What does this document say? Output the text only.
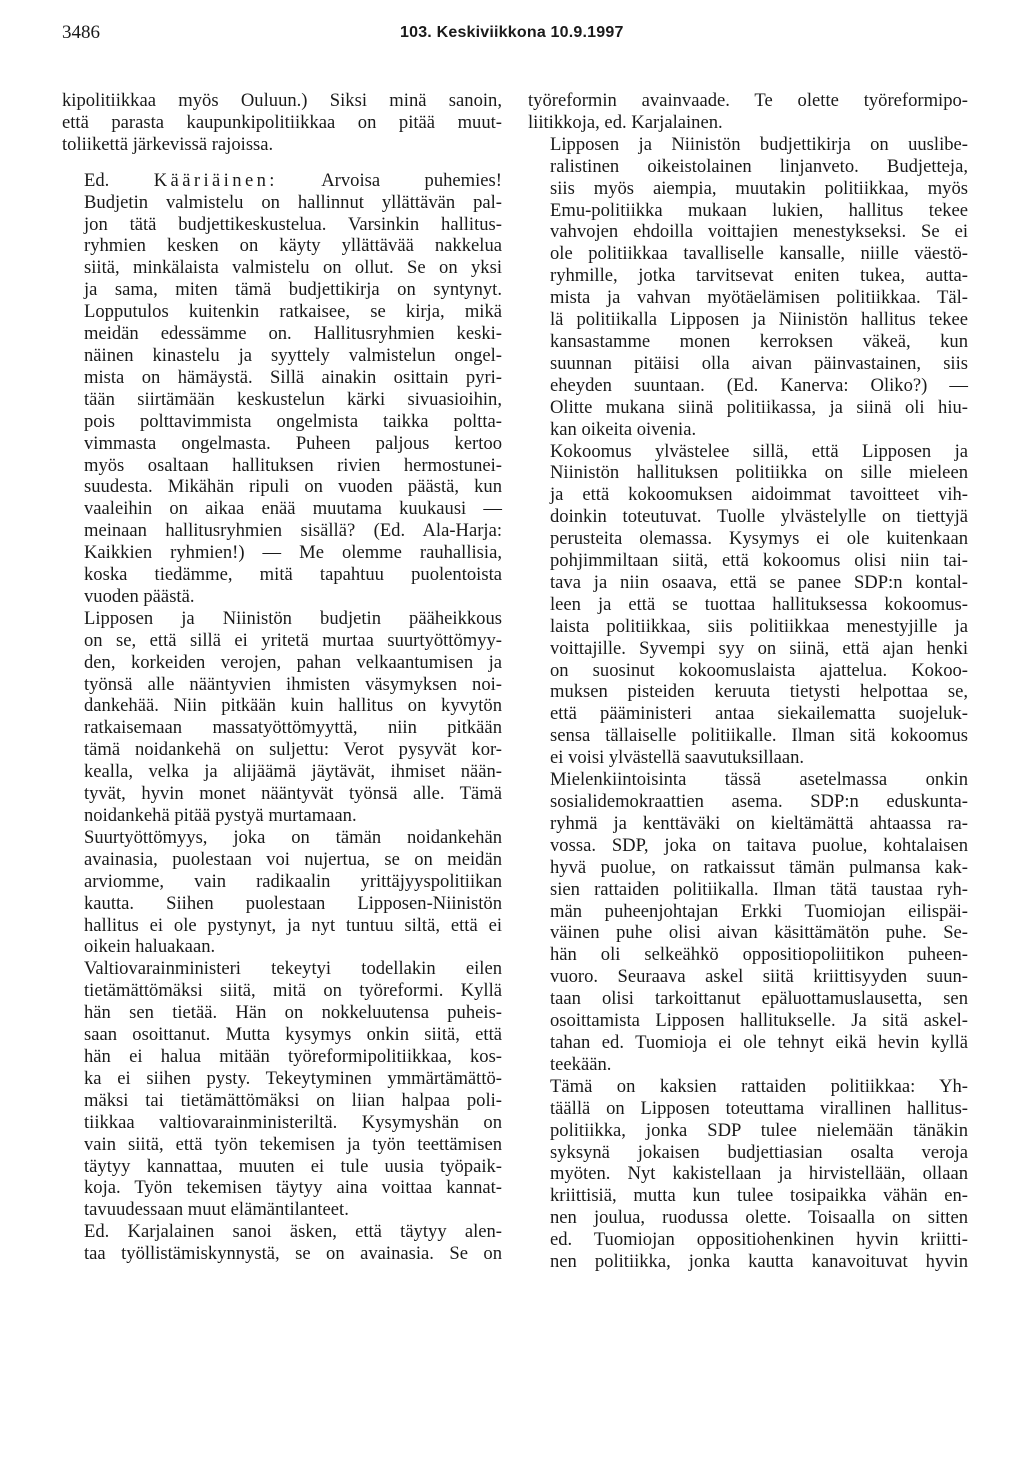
3486	103. Keskiviikkona 10.9.1997

kipolitiikkaa myös Ouluun.) Siksi minä sanoin,
että parasta kaupunkipolitiikkaa on pitää muut-
toliikettä järkevissä rajoissa.

Ed. Kääriäinen: Arvoisa puhemies!
Budjetin valmistelu on hallinnut yllättävän pal-
jon tätä budjettikeskustelua. Varsinkin hallitus-
ryhmien kesken on käyty yllättävää nakkelua
siitä, minkälaista valmistelu on ollut. Se on yksi
ja sama, miten tämä budjettikirja on syntynyt.
Lopputulos kuitenkin ratkaisee, se kirja, mikä
meidän edessämme on. Hallitusryhmien keski-
näinen kinastelu ja syyttely valmistelun ongel-
mista on hämäystä. Sillä ainakin osittain pyri-
tään siirtämään keskustelun kärki sivuasioihin,
pois polttavimmista ongelmista taikka poltta-
vimmasta ongelmasta. Puheen paljous kertoo
myös osaltaan hallituksen rivien hermostunei-
suudesta. Mikähän ripuli on vuoden päästä, kun
vaaleihin on aikaa enää muutama kuukausi —
meinaan hallitusryhmien sisällä? (Ed. Ala-Harja:
Kaikkien ryhmien!) — Me olemme rauhallisia,
koska tiedämme, mitä tapahtuu puolentoista
vuoden päästä.

Lipposen ja Niinistön budjetin pääheikkous
on se, että sillä ei yritetä murtaa suurtyöttömyy-
den, korkeiden verojen, pahan velkaantumisen ja
työnsä alle nääntyvien ihmisten väsymyksen noi-
dankehää. Niin pitkään kuin hallitus on kyvytön
ratkaisemaan massatyöttömyyttä, niin pitkään
tämä noidankehä on suljettu: Verot pysyvät kor-
kealla, velka ja alijäämä jäytävät, ihmiset nään-
tyvät, hyvin monet nääntyvät työnsä alle. Tämä
noidankehä pitää pystyä murtamaan.

Suurtyöttömyys, joka on tämän noidankehän
avainasia, puolestaan voi nujertua, se on meidän
arviomme, vain radikaalin yrittäjyyspolitiikan
kautta. Siihen puolestaan Lipposen-Niinistön
hallitus ei ole pystynyt, ja nyt tuntuu siltä, että ei
oikein haluakaan.

Valtiovarainministeri tekeytyi todellakin eilen
tietämättömäksi siitä, mitä on työreformi. Kyllä
hän sen tietää. Hän on nokkeluutensa puheis-
saan osoittanut. Mutta kysymys onkin siitä, että
hän ei halua mitään työreformipolitiikkaa, kos-
ka ei siihen pysty. Tekeytyminen ymmärtämättö-
mäksi tai tietämättömäksi on liian halpaa poli-
tiikkaa valtiovarainministeriltä. Kysymyshän on
vain siitä, että työn tekemisen ja työn teettämisen
täytyy kannattaa, muuten ei tule uusia työpaik-
koja. Työn tekemisen täytyy aina voittaa kannat-
tavuudessaan muut elämäntilanteet.

Ed. Karjalainen sanoi äsken, että täytyy alen-
taa työllistämiskynnystä, se on avainasia. Se on

työreformin avainvaade. Te olette työreformipo-
liitikkoja, ed. Karjalainen.

Lipposen ja Niinistön budjettikirja on uuslibe-
ralistinen oikeistolainen linjanveto. Budjetteja,
siis myös aiempia, muutakin politiikkaa, myös
Emu-politiikka mukaan lukien, hallitus tekee
vahvojen ehdoilla voittajien menestykseksi. Se ei
ole politiikkaa tavalliselle kansalle, niille väestö-
ryhmille, jotka tarvitsevat eniten tukea, autta-
mista ja vahvan myötäelämisen politiikkaa. Täl-
lä politiikalla Lipposen ja Niinistön hallitus tekee
kansastamme monen kerroksen väkeä, kun
suunnan pitäisi olla aivan päinvastainen, siis
eheyden suuntaan. (Ed. Kanerva: Oliko?) —
Olitte mukana siinä politiikassa, ja siinä oli hiu-
kan oikeita oivenia.

Kokoomus ylvästelee sillä, että Lipposen ja
Niinistön hallituksen politiikka on sille mieleen
ja että kokoomuksen aidoimmat tavoitteet vih-
doinkin toteutuvat. Tuolle ylvästelylle on tiettyjä
perusteita olemassa. Kysymys ei ole kuitenkaan
pohjimmiltaan siitä, että kokoomus olisi niin tai-
tava ja niin osaava, että se panee SDP:n kontal-
leen ja että se tuottaa hallituksessa kokoomus-
laista politiikkaa, siis politiikkaa menestyjille ja
voittajille. Syvempi syy on siinä, että ajan henki
on suosinut kokoomuslaista ajattelua. Kokoo-
muksen pisteiden keruuta tietysti helpottaa se,
että pääministeri antaa siekailematta suojeluk-
sensa tällaiselle politiikalle. Ilman sitä kokoomus
ei voisi ylvästellä saavutuksillaan.

Mielenkiintoisinta tässä asetelmassa onkin
sosialidemokraattien asema. SDP:n eduskunta-
ryhmä ja kenttäväki on kieltämättä ahtaassa ra-
vossa. SDP, joka on taitava puolue, kohtalaisen
hyvä puolue, on ratkaissut tämän pulmansa kak-
sien rattaiden politiikalla. Ilman tätä taustaa ryh-
män puheenjohtajan Erkki Tuomiojan eilispäi-
väinen puhe olisi aivan käsittämätön puhe. Se-
hän oli selkeähkö oppositiopoliitikon puheen-
vuoro. Seuraava askel siitä kriittisyyden suun-
taan olisi tarkoittanut epäluottamuslausetta, sen
osoittamista Lipposen hallitukselle. Ja sitä askel-
tahan ed. Tuomioja ei ole tehnyt eikä hevin kyllä
teekään.

Tämä on kaksien rattaiden politiikkaa: Yh-
täällä on Lipposen toteuttama virallinen hallitus-
politiikka, jonka SDP tulee nielemään tänäkin
syksynä jokaisen budjettiasian osalta veroja
myöten. Nyt kakistellaan ja hirvistellään, ollaan
kriittisiä, mutta kun tulee tosipaikka vähän en-
nen joulua, ruodussa olette. Toisaalla on sitten
ed. Tuomiojan oppositiohenkinen hyvin kriitti-
nen politiikka, jonka kautta kanavoituvat hyvin
